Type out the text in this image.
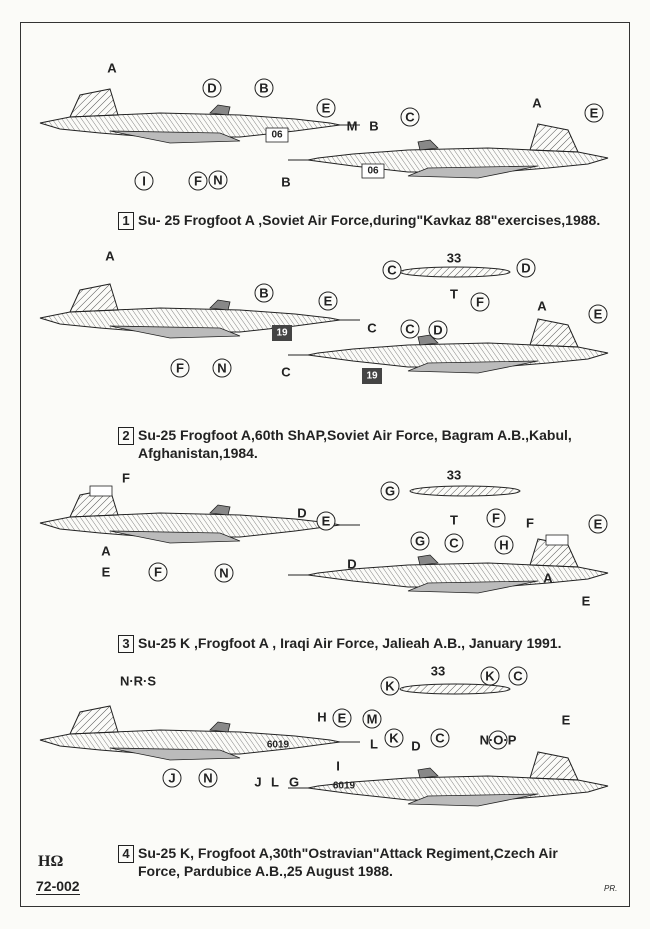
06
06
33
19
19
33
33
6019
6019
A
D	B
E
M B
C
A
E
I	F N	B
A
B
E
F	N
C C D
A
E
C
D
T
F
C
F
D
E
A
E	F	N
G
T	F F	E
G C	H
D
A
E
N·R·S
H E M
J N	J L G
I
K C
K
L K
D
C	N·O·P
E
1 Su- 25 Frogfoot A ,Soviet Air Force,during"Kavkaz 88"exercises,1988.
2 Su-25 Frogfoot A,60th ShAP,Soviet Air Force, Bagram A.B.,Kabul,
Afghanistan,1984.
3 Su-25 K ,Frogfoot A , Iraqi Air Force, Jalieah A.B., January 1991.
4 Su-25 K, Frogfoot A,30th"Ostravian"Attack Regiment,Czech Air
Force, Pardubice A.B.,25 August 1988.
HΩ
72-002	PR.
